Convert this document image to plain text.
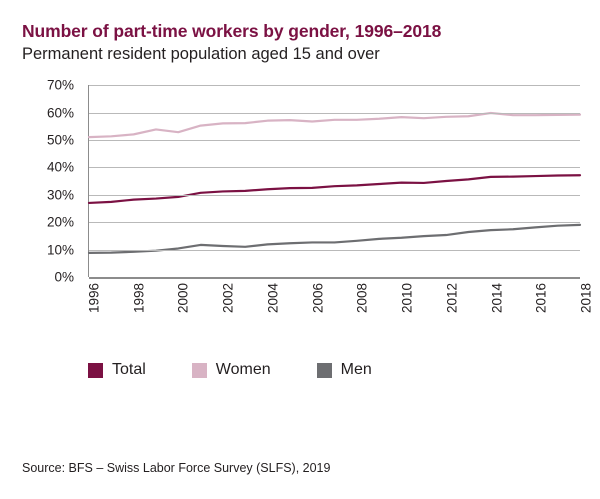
Number of part-time workers by gender, 1996–2018
Permanent resident population aged 15 and over
0%
10%
20%
30%
40%
50%
60%
70%
1996 1998 2000 2002 2004 2006 2008 2010 2012 2014 2016 2018
Total	Women	Men
Source: BFS – Swiss Labor Force Survey (SLFS), 2019
